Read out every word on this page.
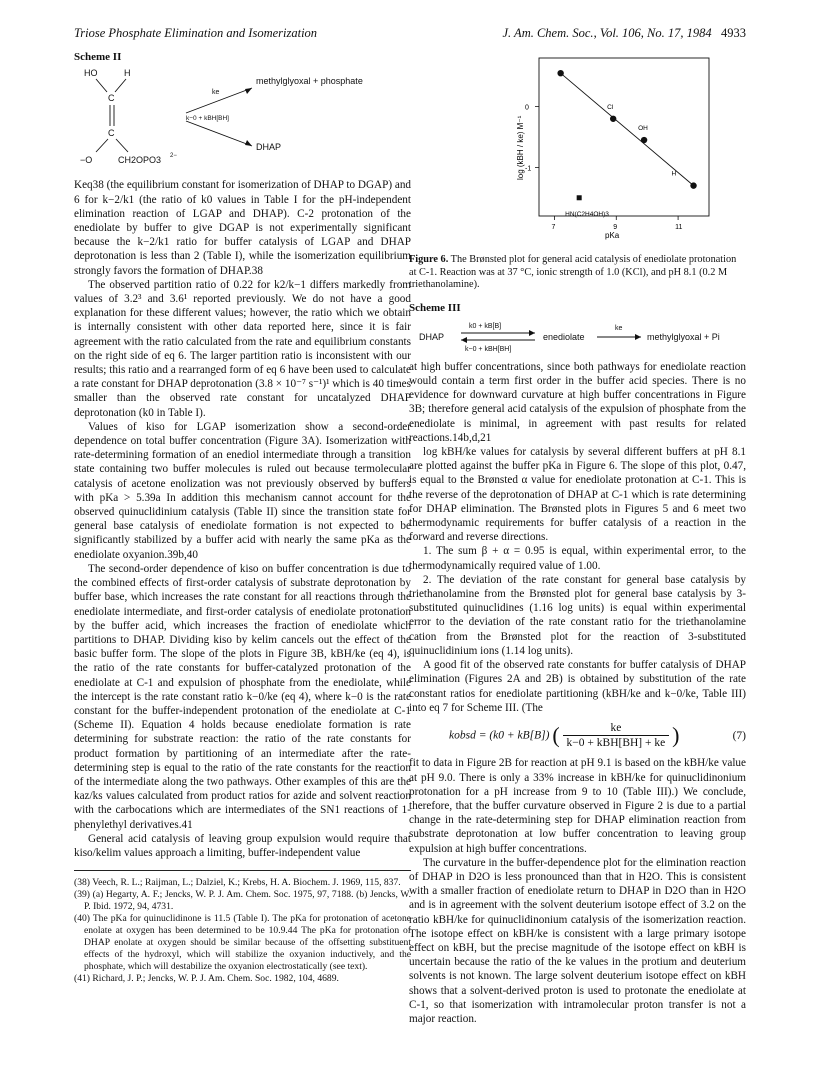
Triose Phosphate Elimination and Isomerization	J. Am. Chem. Soc., Vol. 106, No. 17, 1984 4933
Scheme II
HO	H
C
C
−O	CH2OPO3 2−
ke
methylglyoxal + phosphate
k−0 + kBH[BH]
DHAP

Keq38 (the equilibrium constant for isomerization of DHAP to DGAP) and 6 for k−2/k1 (the ratio of k0 values in Table I for the pH-independent elimination reaction of LGAP and DHAP). C-2 protonation of the enediolate by buffer to give DGAP is not experimentally significant because the k−2/k1 ratio for buffer catalysis of LGAP and DHAP deprotonation is less than 2 (Table I), while the isomerization equilibrium strongly favors the formation of DHAP.38

The observed partition ratio of 0.22 for k2/k−1 differs markedly from values of 3.2³ and 3.6¹ reported previously. We do not have a good explanation for these different values; however, the ratio which we obtain is internally consistent with other data reported here, since it is fair agreement with the ratio calculated from the rate and equilibrium constants on the right side of eq 6. The larger partition ratio is inconsistent with our results; this ratio and a rearranged form of eq 6 have been used to calculate a rate constant for DHAP deprotonation (3.8 × 10⁻⁷ s⁻¹)¹ which is 40 times smaller than the observed rate constant for uncatalyzed DHAP deprotonation (k0 in Table I).

Values of kiso for LGAP isomerization show a second-order dependence on total buffer concentration (Figure 3A). Isomerization with rate-determining formation of an enediol intermediate through a transition state containing two buffer molecules is ruled out because termolecular catalysis of acetone enolization was not previously observed by buffers with pKa > 5.39a In addition this mechanism cannot account for the observed quinuclidinium catalysis (Table II) since the transition state for general base catalysis of enediolate formation is not expected to be significantly stabilized by a buffer acid with nearly the same pKa as the enediolate oxyanion.39b,40

The second-order dependence of kiso on buffer concentration is due to the combined effects of first-order catalysis of substrate deprotonation by buffer base, which increases the rate constant for all reactions through the enediolate intermediate, and first-order catalysis of enediolate protonation by the buffer acid, which increases the fraction of enediolate which partitions to DHAP. Dividing kiso by kelim cancels out the effect of the basic buffer form. The slope of the plots in Figure 3B, kBH/ke (eq 4), is the ratio of the rate constants for buffer-catalyzed protonation of the enediolate at C-1 and expulsion of phosphate from the enediolate, while the intercept is the rate constant ratio k−0/ke (eq 4), where k−0 is the rate constant for the buffer-independent protonation of the enediolate at C-1 (Scheme II). Equation 4 holds because enediolate formation is rate determining for substrate reaction: the ratio of the rate constants for product formation by partitioning of an intermediate after the rate-determining step is equal to the ratio of the rate constants for the reaction of the intermediate along the two pathways. Other examples of this are the kaz/ks values calculated from product ratios for azide and solvent reaction with the carbocations which are intermediates of the SN1 reactions of 1-phenylethyl derivatives.41

General acid catalysis of leaving group expulsion would require that kiso/kelim values approach a limiting, buffer-independent value

(38) Veech, R. L.; Raijman, L.; Dalziel, K.; Krebs, H. A. Biochem. J. 1969, 115, 837.

(39) (a) Hegarty, A. F.; Jencks, W. P. J. Am. Chem. Soc. 1975, 97, 7188. (b) Jencks, W. P. Ibid. 1972, 94, 4731.

(40) The pKa for quinuclidinone is 11.5 (Table I). The pKa for protonation of acetone enolate at oxygen has been determined to be 10.9.44 The pKa for protonation of DHAP enolate at oxygen should be similar because of the offsetting substituent effects of the hydroxyl, which will stabilize the oxyanion inductively, and the phosphate, which will destabilize the oxyanion electrostatically (see text).

(41) Richard, J. P.; Jencks, W. P. J. Am. Chem. Soc. 1982, 104, 4689.

log (kBH / ke) M⁻¹
pKa
7	9	11
0
-1
Cl
OH
H
HN(C2H4OH)3

Figure 6. The Brønsted plot for general acid catalysis of enediolate protonation at C-1. Reaction was at 37 °C, ionic strength of 1.0 (KCl), and pH 8.1 (0.2 M triethanolamine).

Scheme III
DHAP
k0 + kB[B]
k−0 + kBH[BH]
enediolate
ke
methylglyoxal + Pi

at high buffer concentrations, since both pathways for enediolate reaction would contain a term first order in the buffer acid species. There is no evidence for downward curvature at high buffer concentrations in Figure 3B; therefore general acid catalysis of the expulsion of phosphate from the enediolate is minimal, in agreement with past results for related reactions.14b,d,21

log kBH/ke values for catalysis by several different buffers at pH 8.1 are plotted against the buffer pKa in Figure 6. The slope of this plot, 0.47, is equal to the Brønsted α value for enediolate protonation at C-1. This is the reverse of the deprotonation of DHAP at C-1 which is rate determining for DHAP elimination. The Brønsted plots in Figures 5 and 6 meet two thermodynamic requirements for buffer catalysis of a reaction in the forward and reverse directions.

1. The sum β + α = 0.95 is equal, within experimental error, to the thermodynamically required value of 1.00.

2. The deviation of the rate constant for general base catalysis by triethanolamine from the Brønsted plot for general base catalysis by 3-substituted quinuclidines (1.16 log units) is equal within experimental error to the deviation of the rate constant ratio for the triethanolamine cation from the Brønsted plot for the reaction of 3-substituted quinuclidinium ions (1.14 log units).

A good fit of the observed rate constants for buffer catalysis of DHAP elimination (Figures 2A and 2B) is obtained by substitution of the rate constant ratios for enediolate partitioning (kBH/ke and k−0/ke, Table III) into eq 7 for Scheme III. (The

kobsd = (k0 + kB[B]) ( $\frac{ke}{\text{k−0 + kBH[BH] + ke}}$ )	(7)

fit to data in Figure 2B for reaction at pH 9.1 is based on the kBH/ke value at pH 9.0. There is only a 33% increase in kBH/ke for quinuclidinonium protonation for a pH increase from 9 to 10 (Table III).) We conclude, therefore, that the buffer curvature observed in Figure 2 is due to a partial change in the rate-determining step for DHAP elimination reaction from substrate deprotonation at low buffer concentration to leaving group expulsion at high buffer concentrations.

The curvature in the buffer-dependence plot for the elimination reaction of DHAP in D2O is less pronounced than that in H2O. This is consistent with a smaller fraction of enediolate return to DHAP in D2O than in H2O and is in agreement with the solvent deuterium isotope effect of 3.2 on the ratio kBH/ke for quinuclidinonium catalysis of the isomerization reaction. The isotope effect on kBH/ke is consistent with a large primary isotope effect on kBH, but the precise magnitude of the isotope effect on kBH is uncertain because the ratio of the ke values in the protium and deuterium solvents is not known. The large solvent deuterium isotope effect on kBH shows that a solvent-derived proton is used to protonate the enediolate at C-1, so that isomerization with intramolecular proton transfer is not a major reaction.
